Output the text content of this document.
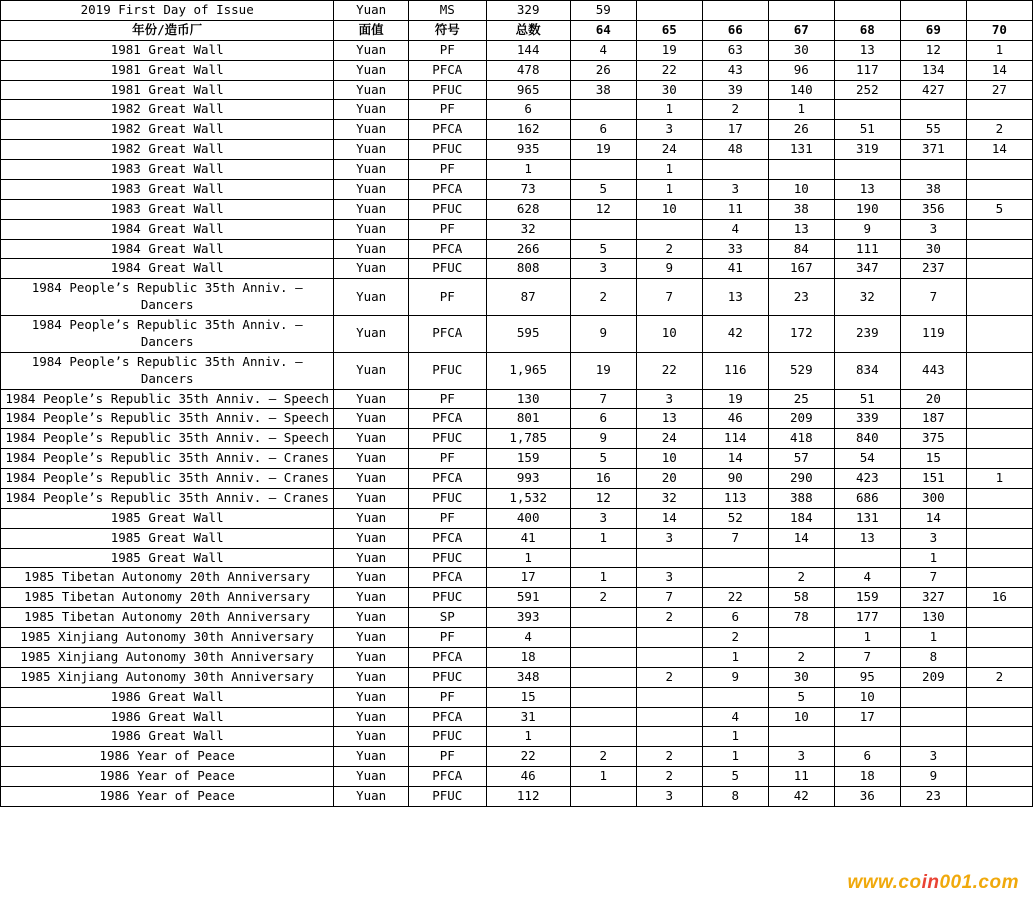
2019 First Day of Issue	Yuan	MS	329	59						
年份/造币厂	面值	符号	总数	64	65	66	67	68	69	70
1981 Great Wall	Yuan	PF	144	4	19	63	30	13	12	1
1981 Great Wall	Yuan	PFCA	478	26	22	43	96	117	134	14
1981 Great Wall	Yuan	PFUC	965	38	30	39	140	252	427	27
1982 Great Wall	Yuan	PF	6		1	2	1			
1982 Great Wall	Yuan	PFCA	162	6	3	17	26	51	55	2
1982 Great Wall	Yuan	PFUC	935	19	24	48	131	319	371	14
1983 Great Wall	Yuan	PF	1		1					
1983 Great Wall	Yuan	PFCA	73	5	1	3	10	13	38	
1983 Great Wall	Yuan	PFUC	628	12	10	11	38	190	356	5
1984 Great Wall	Yuan	PF	32			4	13	9	3	
1984 Great Wall	Yuan	PFCA	266	5	2	33	84	111	30	
1984 Great Wall	Yuan	PFUC	808	3	9	41	167	347	237	
1984 People’s Republic 35th Anniv. – Dancers	Yuan	PF	87	2	7	13	23	32	7	
1984 People’s Republic 35th Anniv. – Dancers	Yuan	PFCA	595	9	10	42	172	239	119	
1984 People’s Republic 35th Anniv. – Dancers	Yuan	PFUC	1,965	19	22	116	529	834	443	
1984 People’s Republic 35th Anniv. – Speech	Yuan	PF	130	7	3	19	25	51	20	
1984 People’s Republic 35th Anniv. – Speech	Yuan	PFCA	801	6	13	46	209	339	187	
1984 People’s Republic 35th Anniv. – Speech	Yuan	PFUC	1,785	9	24	114	418	840	375	
1984 People’s Republic 35th Anniv. – Cranes	Yuan	PF	159	5	10	14	57	54	15	
1984 People’s Republic 35th Anniv. – Cranes	Yuan	PFCA	993	16	20	90	290	423	151	1
1984 People’s Republic 35th Anniv. – Cranes	Yuan	PFUC	1,532	12	32	113	388	686	300	
1985 Great Wall	Yuan	PF	400	3	14	52	184	131	14	
1985 Great Wall	Yuan	PFCA	41	1	3	7	14	13	3	
1985 Great Wall	Yuan	PFUC	1						1	
1985 Tibetan Autonomy 20th Anniversary	Yuan	PFCA	17	1	3		2	4	7	
1985 Tibetan Autonomy 20th Anniversary	Yuan	PFUC	591	2	7	22	58	159	327	16
1985 Tibetan Autonomy 20th Anniversary	Yuan	SP	393		2	6	78	177	130	
1985 Xinjiang Autonomy 30th Anniversary	Yuan	PF	4			2		1	1	
1985 Xinjiang Autonomy 30th Anniversary	Yuan	PFCA	18			1	2	7	8	
1985 Xinjiang Autonomy 30th Anniversary	Yuan	PFUC	348		2	9	30	95	209	2
1986 Great Wall	Yuan	PF	15				5	10		
1986 Great Wall	Yuan	PFCA	31			4	10	17		
1986 Great Wall	Yuan	PFUC	1			1				
1986 Year of Peace	Yuan	PF	22	2	2	1	3	6	3	
1986 Year of Peace	Yuan	PFCA	46	1	2	5	11	18	9	
1986 Year of Peace	Yuan	PFUC	112		3	8	42	36	23	
www.coin001.com
